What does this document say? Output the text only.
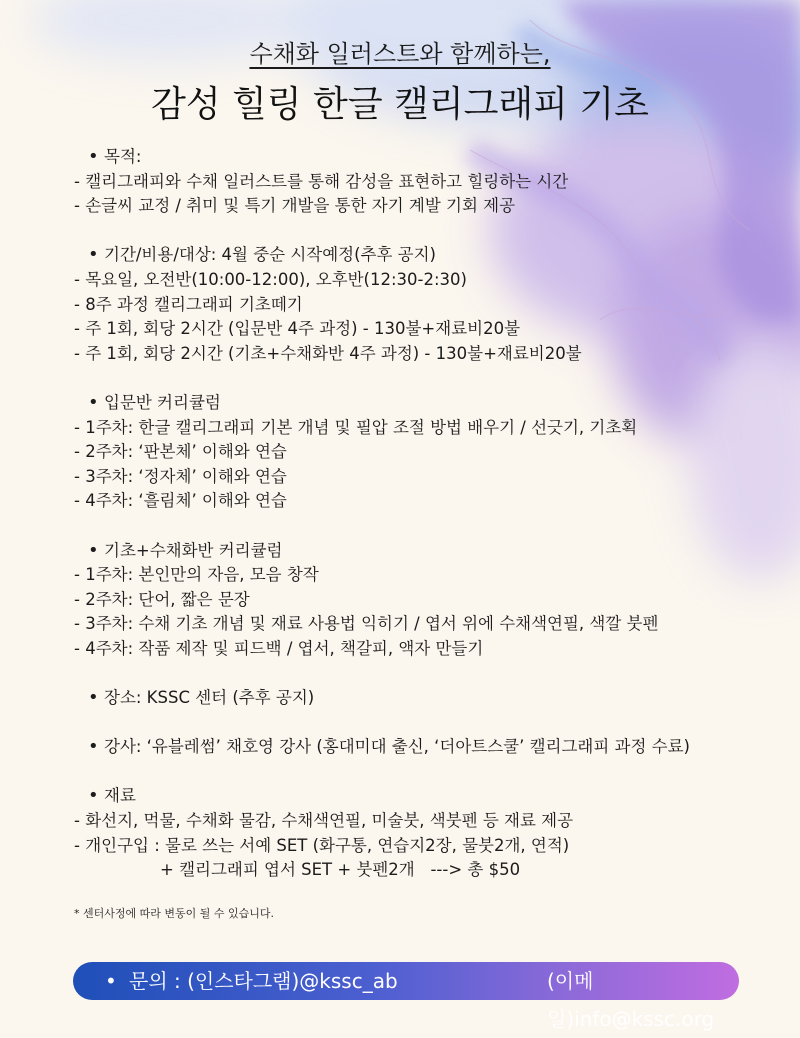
수채화 일러스트와 함께하는,
감성 힐링 한글 캘리그래피 기초
• 목적:
- 캘리그래피와 수채 일러스트를 통해 감성을 표현하고 힐링하는 시간
- 손글씨 교정 / 취미 및 특기 개발을 통한 자기 계발 기회 제공
• 기간/비용/대상: 4월 중순 시작예정(추후 공지)
- 목요일, 오전반(10:00-12:00), 오후반(12:30-2:30)
- 8주 과정 캘리그래피 기초떼기
- 주 1회, 회당 2시간 (입문반 4주 과정) - 130불+재료비20불
- 주 1회, 회당 2시간 (기초+수채화반 4주 과정) - 130불+재료비20불
• 입문반 커리큘럼
- 1주차: 한글 캘리그래피 기본 개념 및 필압 조절 방법 배우기 / 선긋기, 기초획
- 2주차: ‘판본체’ 이해와 연습
- 3주차: ‘정자체’ 이해와 연습
- 4주차: ‘흘림체’ 이해와 연습
• 기초+수채화반 커리큘럼
- 1주차: 본인만의 자음, 모음 창작
- 2주차: 단어, 짧은 문장
- 3주차: 수채 기초 개념 및 재료 사용법 익히기 / 엽서 위에 수채색연필, 색깔 붓펜
- 4주차: 작품 제작 및 피드백 / 엽서, 책갈피, 액자 만들기
• 장소: KSSC 센터 (추후 공지)
• 강사: ‘유블레썸’ 채호영 강사 (홍대미대 출신, ‘더아트스쿨’ 캘리그래피 과정 수료)
• 재료
- 화선지, 먹물, 수채화 물감, 수채색연필, 미술붓, 색붓펜 등 재료 제공
- 개인구입 : 물로 쓰는 서예 SET (화구통, 연습지2장, 물붓2개, 연적)
+ 캘리그래피 엽서 SET + 붓펜2개   ---> 총 $50
* 센터사정에 따라 변동이 될 수 있습니다.
• 문의 : (인스타그램)@kssc_ab	(이메일)info@kssc.org
